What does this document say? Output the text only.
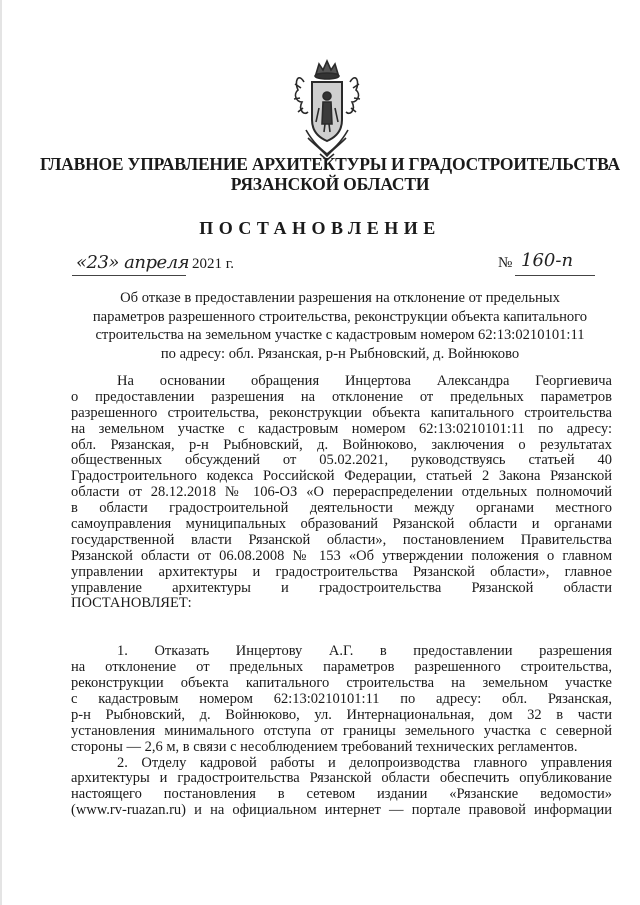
ГЛАВНОЕ УПРАВЛЕНИЕ АРХИТЕКТУРЫ И ГРАДОСТРОИТЕЛЬСТВА
РЯЗАНСКОЙ ОБЛАСТИ
ПОСТАНОВЛЕНИЕ
«23» апреля 2021 г.	№ 160-п
Об отказе в предоставлении разрешения на отклонение от предельных
параметров разрешенного строительства, реконструкции объекта капитального
строительства на земельном участке с кадастровым номером 62:13:0210101:11
по адресу: обл. Рязанская, р-н Рыбновский, д. Войнюково
На основании обращения Инцертова Александра Георгиевича
о предоставлении разрешения на отклонение от предельных параметров
разрешенного строительства, реконструкции объекта капитального строительства
на земельном участке с кадастровым номером 62:13:0210101:11 по адресу:
обл. Рязанская, р-н Рыбновский, д. Войнюково, заключения о результатах
общественных обсуждений от 05.02.2021, руководствуясь статьей 40
Градостроительного кодекса Российской Федерации, статьей 2 Закона Рязанской
области от 28.12.2018 № 106-ОЗ «О перераспределении отдельных полномочий
в области градостроительной деятельности между органами местного
самоуправления муниципальных образований Рязанской области и органами
государственной власти Рязанской области», постановлением Правительства
Рязанской области от 06.08.2008 № 153 «Об утверждении положения о главном
управлении архитектуры и градостроительства Рязанской области», главное
управление архитектуры и градостроительства Рязанской области
ПОСТАНОВЛЯЕТ:
1. Отказать Инцертову А.Г. в предоставлении разрешения
на отклонение от предельных параметров разрешенного строительства,
реконструкции объекта капитального строительства на земельном участке
с кадастровым номером 62:13:0210101:11 по адресу: обл. Рязанская,
р-н Рыбновский, д. Войнюково, ул. Интернациональная, дом 32 в части
установления минимального отступа от границы земельного участка с северной
стороны — 2,6 м, в связи с несоблюдением требований технических регламентов.
2. Отделу кадровой работы и делопроизводства главного управления
архитектуры и градостроительства Рязанской области обеспечить опубликование
настоящего постановления в сетевом издании «Рязанские ведомости»
(www.rv-ruazan.ru) и на официальном интернет — портале правовой информации
